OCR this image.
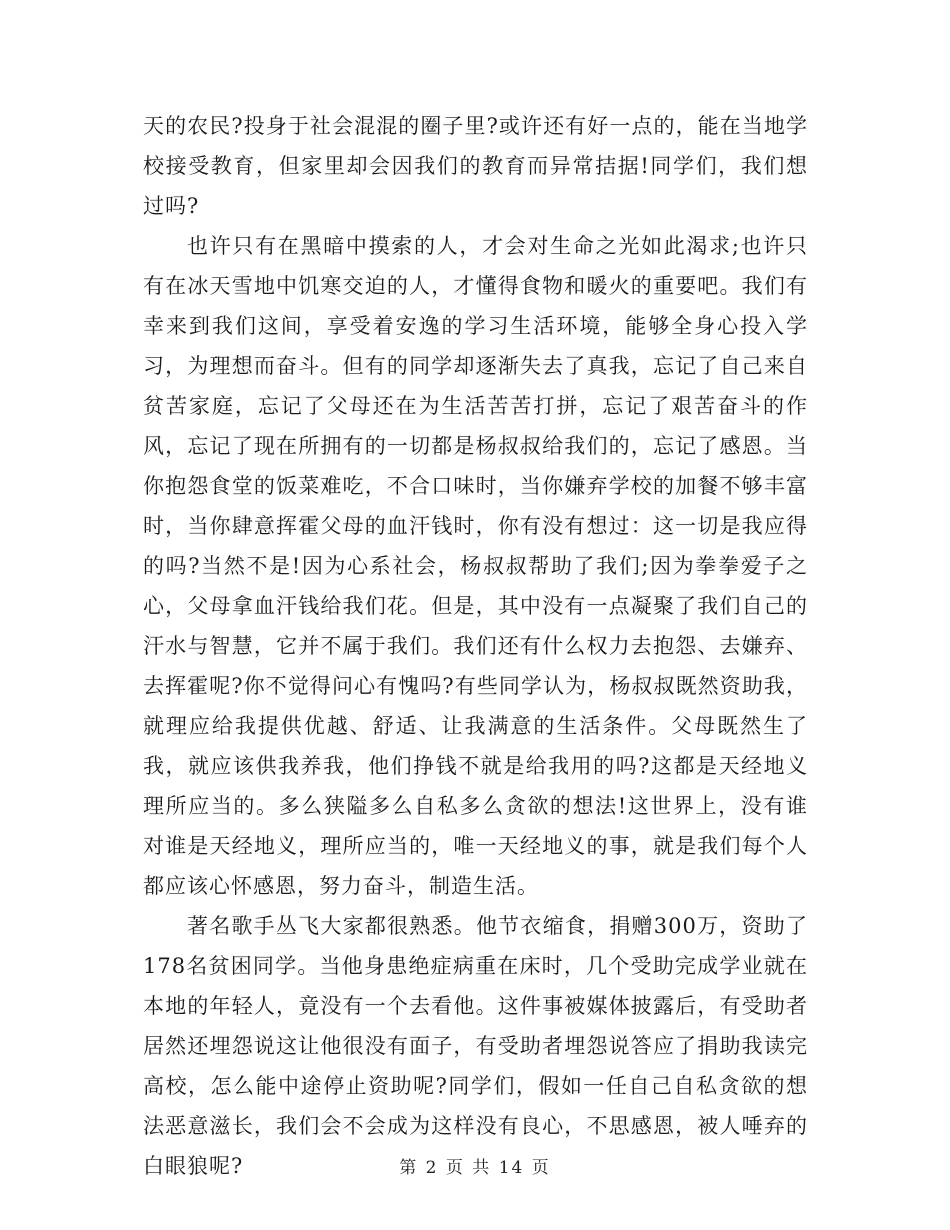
天的农民?投身于社会混混的圈子里?或许还有好一点的，能在当地学校接受教育，但家里却会因我们的教育而异常拮据!同学们，我们想过吗?

也许只有在黑暗中摸索的人，才会对生命之光如此渴求;也许只有在冰天雪地中饥寒交迫的人，才懂得食物和暖火的重要吧。我们有幸来到我们这间，享受着安逸的学习生活环境，能够全身心投入学习，为理想而奋斗。但有的同学却逐渐失去了真我，忘记了自己来自贫苦家庭，忘记了父母还在为生活苦苦打拼，忘记了艰苦奋斗的作风，忘记了现在所拥有的一切都是杨叔叔给我们的，忘记了感恩。当你抱怨食堂的饭菜难吃，不合口味时，当你嫌弃学校的加餐不够丰富时，当你肆意挥霍父母的血汗钱时，你有没有想过：这一切是我应得的吗?当然不是!因为心系社会，杨叔叔帮助了我们;因为拳拳爱子之心，父母拿血汗钱给我们花。但是，其中没有一点凝聚了我们自己的汗水与智慧，它并不属于我们。我们还有什么权力去抱怨、去嫌弃、去挥霍呢?你不觉得问心有愧吗?有些同学认为，杨叔叔既然资助我，就理应给我提供优越、舒适、让我满意的生活条件。父母既然生了我，就应该供我养我，他们挣钱不就是给我用的吗?这都是天经地义理所应当的。多么狭隘多么自私多么贪欲的想法!这世界上，没有谁对谁是天经地义，理所应当的，唯一天经地义的事，就是我们每个人都应该心怀感恩，努力奋斗，制造生活。

著名歌手丛飞大家都很熟悉。他节衣缩食，捐赠300万，资助了178名贫困同学。当他身患绝症病重在床时，几个受助完成学业就在本地的年轻人，竟没有一个去看他。这件事被媒体披露后，有受助者居然还埋怨说这让他很没有面子，有受助者埋怨说答应了捐助我读完高校，怎么能中途停止资助呢?同学们，假如一任自己自私贪欲的想法恶意滋长，我们会不会成为这样没有良心，不思感恩，被人唾弃的白眼狼呢?	第 2 页 共 14 页
